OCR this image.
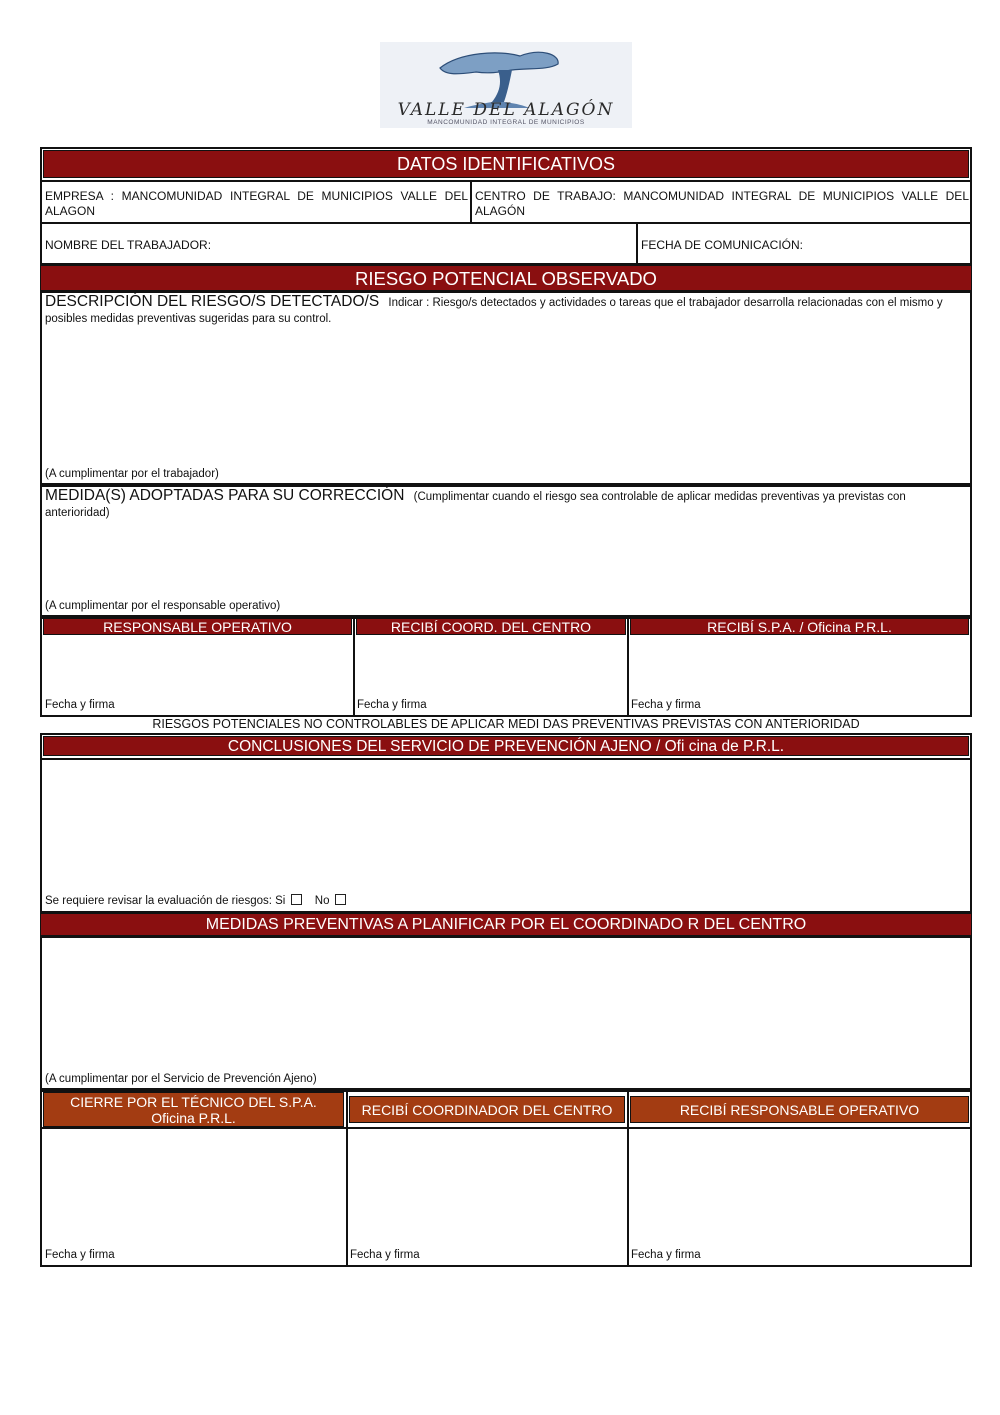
VALLE DEL ALAGÓN
MANCOMUNIDAD INTEGRAL DE MUNICIPIOS
DATOS IDENTIFICATIVOS
EMPRESA : MANCOMUNIDAD INTEGRAL DE MUNICIPIOS VALLE DEL ALAGON
CENTRO DE TRABAJO: MANCOMUNIDAD INTEGRAL DE MUNICIPIOS VALLE DEL ALAGÓN
NOMBRE DEL TRABAJADOR:	FECHA DE COMUNICACIÓN:
RIESGO POTENCIAL OBSERVADO
DESCRIPCIÓN DEL RIESGO/S DETECTADO/S Indicar : Riesgo/s detectados y actividades o tareas que el trabajador desarrolla relacionadas con el mismo y posibles medidas preventivas sugeridas para su control.
(A cumplimentar por el trabajador)
MEDIDA(S) ADOPTADAS PARA SU CORRECCIÓN (Cumplimentar cuando el riesgo sea controlable de aplicar medidas preventivas ya previstas con anterioridad)
(A cumplimentar por el responsable operativo)
RESPONSABLE OPERATIVO	RECIBÍ COORD. DEL CENTRO	RECIBÍ S.P.A. / Oficina P.R.L.
Fecha y firma	Fecha y firma	Fecha y firma
RIESGOS POTENCIALES NO CONTROLABLES DE APLICAR MEDI DAS PREVENTIVAS PREVISTAS CON ANTERIORIDAD
CONCLUSIONES DEL SERVICIO DE PREVENCIÓN AJENO / Ofi cina de P.R.L.
Se requiere revisar la evaluación de riesgos: Si	No
MEDIDAS PREVENTIVAS A PLANIFICAR POR EL COORDINADO R DEL CENTRO
(A cumplimentar por el Servicio de Prevención Ajeno)
CIERRE POR EL TÉCNICO DEL S.P.A.
Oficina P.R.L.	RECIBÍ COORDINADOR DEL CENTRO	RECIBÍ RESPONSABLE OPERATIVO
Fecha y firma	Fecha y firma	Fecha y firma
